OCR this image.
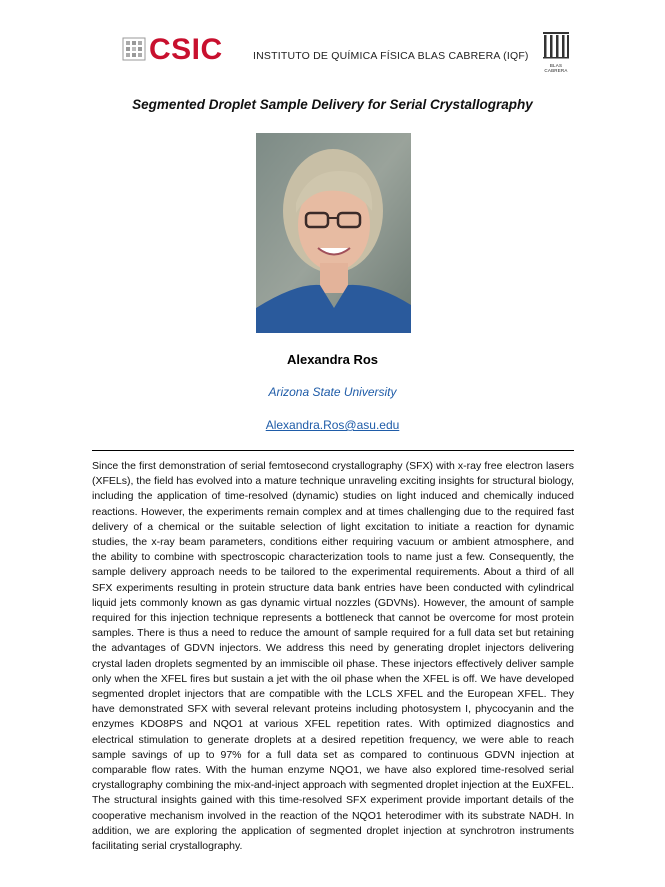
CSIC	INSTITUTO DE QUÍMICA FÍSICA BLAS CABRERA (IQF)
BLAS CABRERA
Segmented Droplet Sample Delivery for Serial Crystallography
Alexandra Ros
Arizona State University
Alexandra.Ros@asu.edu
Since the first demonstration of serial femtosecond crystallography (SFX) with x-ray free electron lasers (XFELs), the field has evolved into a mature technique unraveling exciting insights for structural biology, including the application of time-resolved (dynamic) studies on light induced and chemically induced reactions. However, the experiments remain complex and at times challenging due to the required fast delivery of a chemical or the suitable selection of light excitation to initiate a reaction for dynamic studies, the x-ray beam parameters, conditions either requiring vacuum or ambient atmosphere, and the ability to combine with spectroscopic characterization tools to name just a few. Consequently, the sample delivery approach needs to be tailored to the experimental requirements. About a third of all SFX experiments resulting in protein structure data bank entries have been conducted with cylindrical liquid jets commonly known as gas dynamic virtual nozzles (GDVNs). However, the amount of sample required for this injection technique represents a bottleneck that cannot be overcome for most protein samples. There is thus a need to reduce the amount of sample required for a full data set but retaining the advantages of GDVN injectors. We address this need by generating droplet injectors delivering crystal laden droplets segmented by an immiscible oil phase. These injectors effectively deliver sample only when the XFEL fires but sustain a jet with the oil phase when the XFEL is off. We have developed segmented droplet injectors that are compatible with the LCLS XFEL and the European XFEL. They have demonstrated SFX with several relevant proteins including photosystem I, phycocyanin and the enzymes KDO8PS and NQO1 at various XFEL repetition rates. With optimized diagnostics and electrical stimulation to generate droplets at a desired repetition frequency, we were able to reach sample savings of up to 97% for a full data set as compared to continuous GDVN injection at comparable flow rates. With the human enzyme NQO1, we have also explored time-resolved serial crystallography combining the mix-and-inject approach with segmented droplet injection at the EuXFEL. The structural insights gained with this time-resolved SFX experiment provide important details of the cooperative mechanism involved in the reaction of the NQO1 heterodimer with its substrate NADH. In addition, we are exploring the application of segmented droplet injection at synchrotron instruments facilitating serial crystallography.
